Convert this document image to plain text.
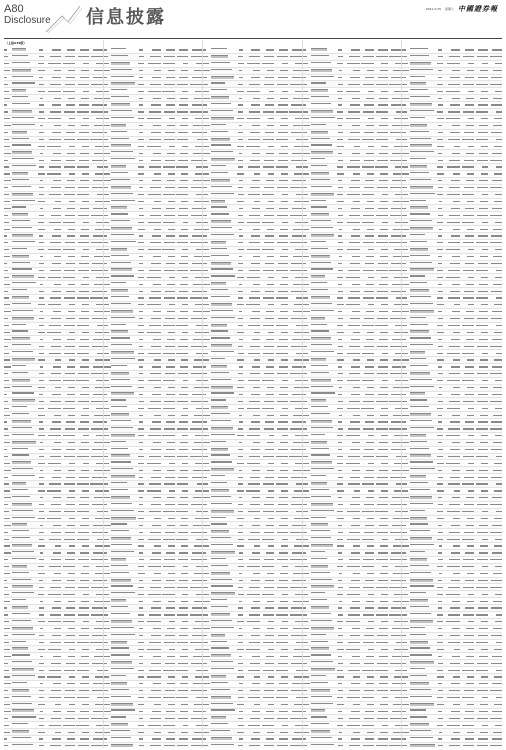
A80
Disclosure 信息披露	2021.9.25 星期六 中國證券報
（上接A79版）
